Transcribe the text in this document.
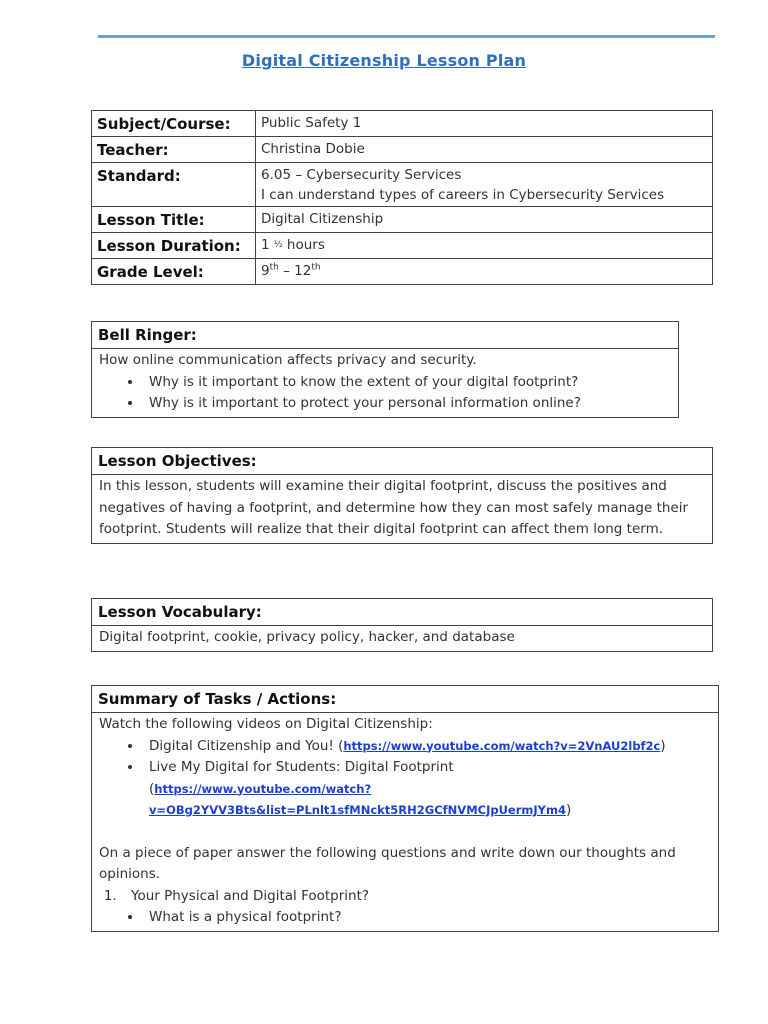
Digital Citizenship Lesson Plan
Subject/Course:	Public Safety 1
Teacher:	Christina Dobie
Standard:	6.05 – Cybersecurity Services
I can understand types of careers in Cybersecurity Services

Lesson Title:	Digital Citizenship
Lesson Duration:	1 ½ hours
Grade Level:	9th – 12th
Bell Ringer:
How online communication affects privacy and security.
• Why is it important to know the extent of your digital footprint?
• Why is it important to protect your personal information online?
Lesson Objectives:
In this lesson, students will examine their digital footprint, discuss the positives and negatives of having a footprint, and determine how they can most safely manage their footprint. Students will realize that their digital footprint can affect them long term.
Lesson Vocabulary:
Digital footprint, cookie, privacy policy, hacker, and database
Summary of Tasks / Actions:
Watch the following videos on Digital Citizenship:
• Digital Citizenship and You! (https://www.youtube.com/watch?v=2VnAU2lbf2c)
• Live My Digital for Students: Digital Footprint
(https://www.youtube.com/watch?v=OBg2YVV3Bts&list=PLnlt1sfMNckt5RH2GCfNVMCJpUermJYm4)
On a piece of paper answer the following questions and write down our thoughts and opinions.
1. Your Physical and Digital Footprint?
• What is a physical footprint?
